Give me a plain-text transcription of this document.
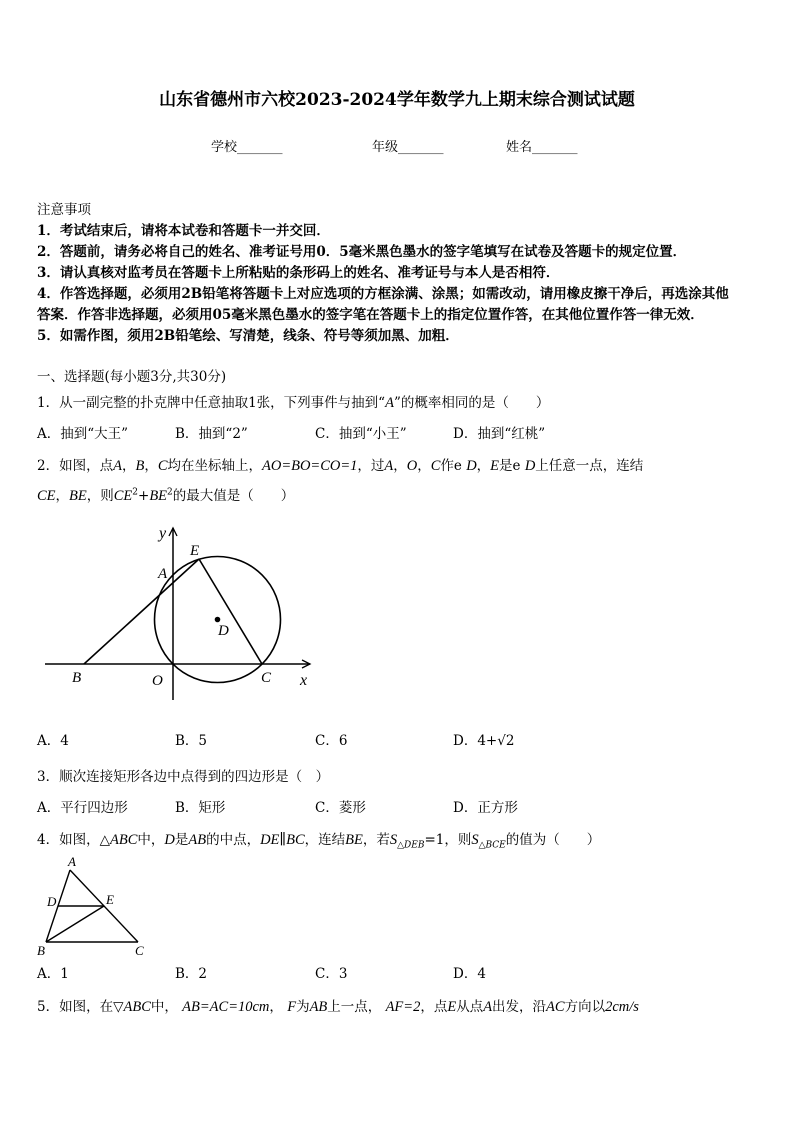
山东省德州市六校2023-2024学年数学九上期末综合测试试题
学校_______	年级_______	姓名_______
注意事项
1．考试结束后，请将本试卷和答题卡一并交回．
2．答题前，请务必将自己的姓名、准考证号用0．5毫米黑色墨水的签字笔填写在试卷及答题卡的规定位置．
3．请认真核对监考员在答题卡上所粘贴的条形码上的姓名、准考证号与本人是否相符．
4．作答选择题，必须用2B铅笔将答题卡上对应选项的方框涂满、涂黑；如需改动，请用橡皮擦干净后，再选涂其他
答案．作答非选择题，必须用05毫米黑色墨水的签字笔在答题卡上的指定位置作答，在其他位置作答一律无效．
5．如需作图，须用2B铅笔绘、写清楚，线条、符号等须加黑、加粗．
一、选择题(每小题3分,共30分)
1．从一副完整的扑克牌中任意抽取1张，下列事件与抽到“A”的概率相同的是（　　）
A．抽到“大王”	B．抽到“2”	C．抽到“小王”	D．抽到“红桃”
2．如图，点A，B，C均在坐标轴上，AO=BO=CO=1，过A，O，C作e D，E是e D上任意一点，连结
CE，BE，则$CE^2+BE^2$的最大值是（　　）
y
x
O
A
B	C
D
E
A．4	B．5	C．6	D．4+√2
3．顺次连接矩形各边中点得到的四边形是（　）
A．平行四边形	B．矩形	C．菱形	D．正方形
4．如图，△ABC中，D是AB的中点，DE∥BC，连结BE，若$S_{\triangle DEB}=1$，则$S_{\triangle BCE}$的值为（　　）
A
D	E
B	C
A．1	B．2	C．3	D．4
5．如图，在▽ABC中， AB=AC=10cm， F为AB上一点， AF=2，点E从点A出发，沿AC方向以2cm/s
